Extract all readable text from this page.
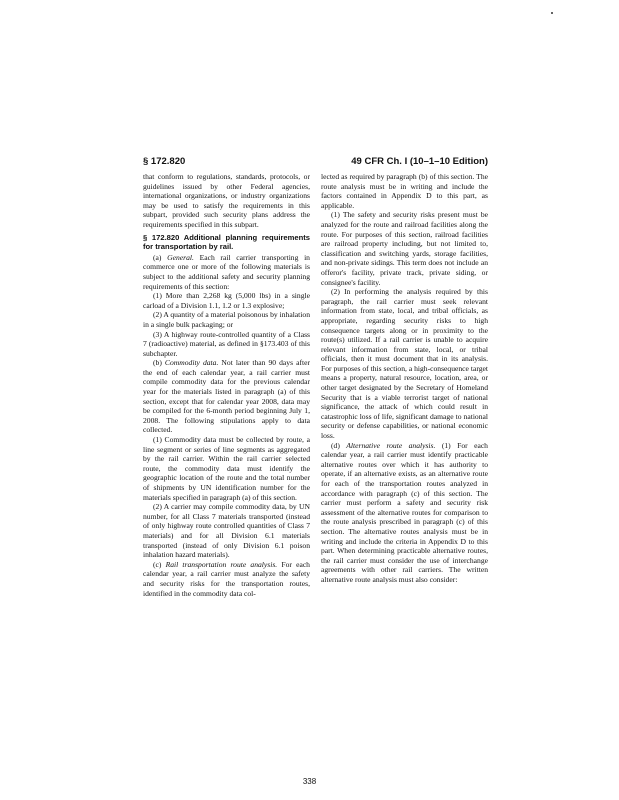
§ 172.820	49 CFR Ch. I (10–1–10 Edition)

that conform to regulations, standards, protocols, or guidelines issued by other Federal agencies, international organizations, or industry organizations may be used to satisfy the requirements in this subpart, provided such security plans address the requirements specified in this subpart.

§ 172.820 Additional planning requirements for transportation by rail.

(a) General. Each rail carrier transporting in commerce one or more of the following materials is subject to the additional safety and security planning requirements of this section:

(1) More than 2,268 kg (5,000 lbs) in a single carload of a Division 1.1, 1.2 or 1.3 explosive;

(2) A quantity of a material poisonous by inhalation in a single bulk packaging; or

(3) A highway route-controlled quantity of a Class 7 (radioactive) material, as defined in §173.403 of this subchapter.

(b) Commodity data. Not later than 90 days after the end of each calendar year, a rail carrier must compile commodity data for the previous calendar year for the materials listed in paragraph (a) of this section, except that for calendar year 2008, data may be compiled for the 6-month period beginning July 1, 2008. The following stipulations apply to data collected.

(1) Commodity data must be collected by route, a line segment or series of line segments as aggregated by the rail carrier. Within the rail carrier selected route, the commodity data must identify the geographic location of the route and the total number of shipments by UN identification number for the materials specified in paragraph (a) of this section.

(2) A carrier may compile commodity data, by UN number, for all Class 7 materials transported (instead of only highway route controlled quantities of Class 7 materials) and for all Division 6.1 materials transported (instead of only Division 6.1 poison inhalation hazard materials).

(c) Rail transportation route analysis. For each calendar year, a rail carrier must analyze the safety and security risks for the transportation routes, identified in the commodity data col-

lected as required by paragraph (b) of this section. The route analysis must be in writing and include the factors contained in Appendix D to this part, as applicable.

(1) The safety and security risks present must be analyzed for the route and railroad facilities along the route. For purposes of this section, railroad facilities are railroad property including, but not limited to, classification and switching yards, storage facilities, and non-private sidings. This term does not include an offeror's facility, private track, private siding, or consignee's facility.

(2) In performing the analysis required by this paragraph, the rail carrier must seek relevant information from state, local, and tribal officials, as appropriate, regarding security risks to high consequence targets along or in proximity to the route(s) utilized. If a rail carrier is unable to acquire relevant information from state, local, or tribal officials, then it must document that in its analysis. For purposes of this section, a high-consequence target means a property, natural resource, location, area, or other target designated by the Secretary of Homeland Security that is a viable terrorist target of national significance, the attack of which could result in catastrophic loss of life, significant damage to national security or defense capabilities, or national economic loss.

(d) Alternative route analysis. (1) For each calendar year, a rail carrier must identify practicable alternative routes over which it has authority to operate, if an alternative exists, as an alternative route for each of the transportation routes analyzed in accordance with paragraph (c) of this section. The carrier must perform a safety and security risk assessment of the alternative routes for comparison to the route analysis prescribed in paragraph (c) of this section. The alternative routes analysis must be in writing and include the criteria in Appendix D to this part. When determining practicable alternative routes, the rail carrier must consider the use of interchange agreements with other rail carriers. The written alternative route analysis must also consider:

338
